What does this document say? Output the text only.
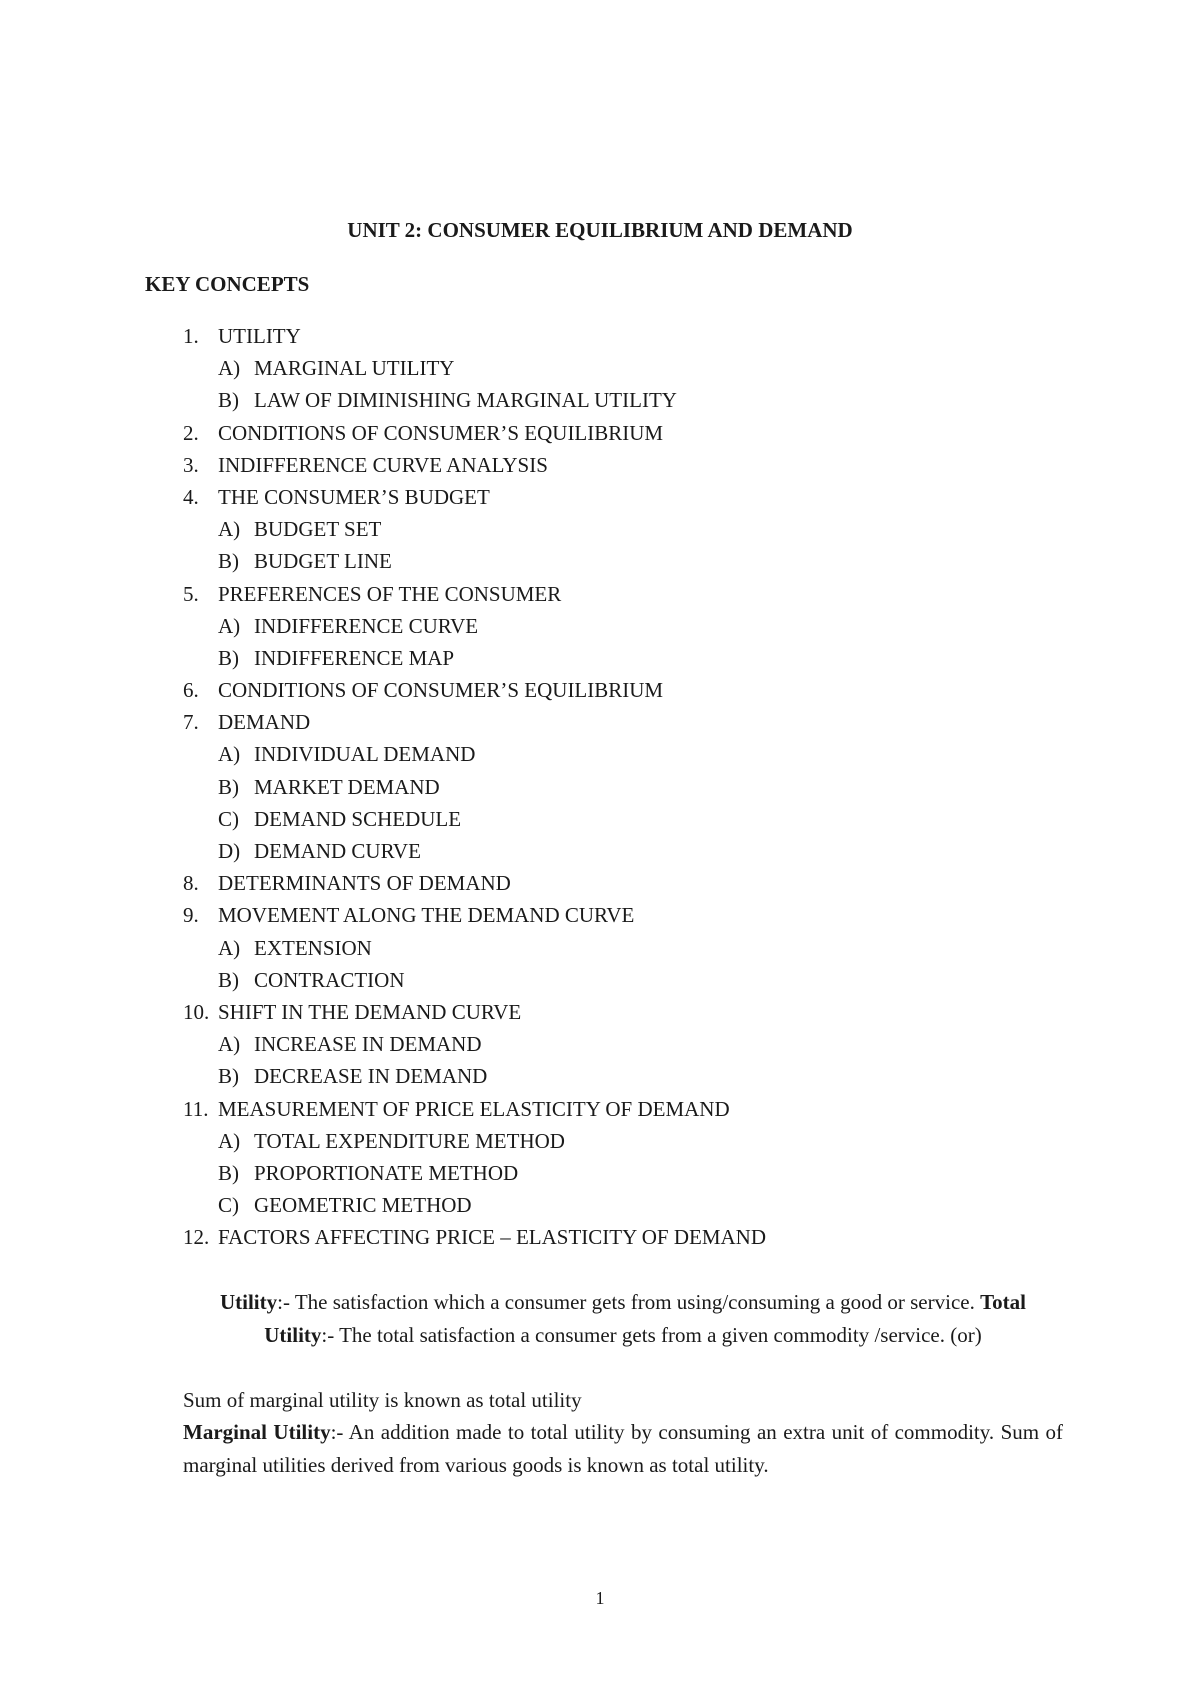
UNIT 2: CONSUMER EQUILIBRIUM AND DEMAND
KEY CONCEPTS
1. UTILITY
A) MARGINAL UTILITY
B) LAW OF DIMINISHING MARGINAL UTILITY
2. CONDITIONS OF CONSUMER’S EQUILIBRIUM
3. INDIFFERENCE CURVE ANALYSIS
4. THE CONSUMER’S BUDGET
A) BUDGET SET
B) BUDGET LINE
5. PREFERENCES OF THE CONSUMER
A) INDIFFERENCE CURVE
B) INDIFFERENCE MAP
6. CONDITIONS OF CONSUMER’S EQUILIBRIUM
7. DEMAND
A) INDIVIDUAL DEMAND
B) MARKET DEMAND
C) DEMAND SCHEDULE
D) DEMAND CURVE
8. DETERMINANTS OF DEMAND
9. MOVEMENT ALONG THE DEMAND CURVE
A) EXTENSION
B) CONTRACTION
10. SHIFT IN THE DEMAND CURVE
A) INCREASE IN DEMAND
B) DECREASE IN DEMAND
11. MEASUREMENT OF PRICE ELASTICITY OF DEMAND
A) TOTAL EXPENDITURE METHOD
B) PROPORTIONATE METHOD
C) GEOMETRIC METHOD
12. FACTORS AFFECTING PRICE – ELASTICITY OF DEMAND
Utility:- The satisfaction which a consumer gets from using/consuming a good or service. Total Utility:- The total satisfaction a consumer gets from a given commodity /service. (or)
Sum of marginal utility is known as total utility
Marginal Utility:- An addition made to total utility by consuming an extra unit of commodity. Sum of marginal utilities derived from various goods is known as total utility.
1
